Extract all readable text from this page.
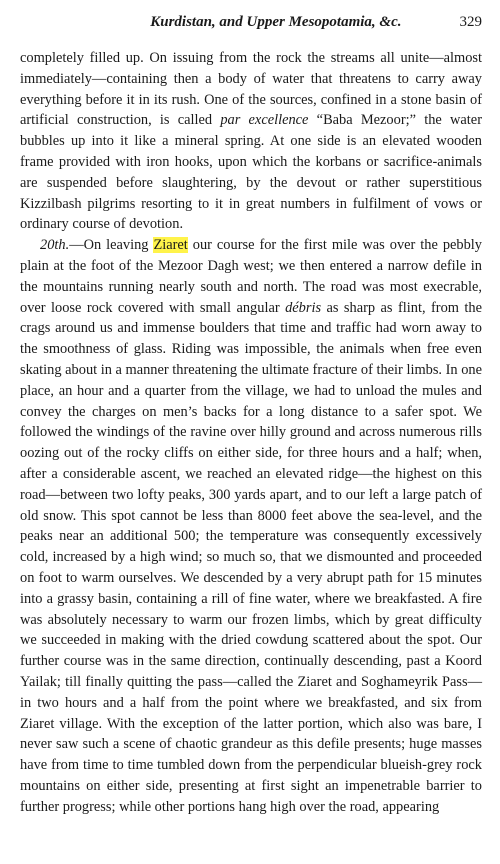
Kurdistan, and Upper Mesopotamia, &c.	329

completely filled up. On issuing from the rock the streams all unite—almost immediately—containing then a body of water that threatens to carry away everything before it in its rush. One of the sources, confined in a stone basin of artificial construction, is called par excellence “Baba Mezoor;” the water bubbles up into it like a mineral spring. At one side is an elevated wooden frame provided with iron hooks, upon which the korbans or sacrifice-animals are suspended before slaughtering, by the devout or rather superstitious Kizzilbash pilgrims resorting to it in great numbers in fulfilment of vows or ordinary course of devotion.

20th.—On leaving Ziaret our course for the first mile was over the pebbly plain at the foot of the Mezoor Dagh west; we then entered a narrow defile in the mountains running nearly south and north. The road was most execrable, over loose rock covered with small angular débris as sharp as flint, from the crags around us and immense boulders that time and traffic had worn away to the smoothness of glass. Riding was impossible, the animals when free even skating about in a manner threatening the ultimate fracture of their limbs. In one place, an hour and a quarter from the village, we had to unload the mules and convey the charges on men’s backs for a long distance to a safer spot. We followed the windings of the ravine over hilly ground and across numerous rills oozing out of the rocky cliffs on either side, for three hours and a half; when, after a considerable ascent, we reached an elevated ridge—the highest on this road—between two lofty peaks, 300 yards apart, and to our left a large patch of old snow. This spot cannot be less than 8000 feet above the sea-level, and the peaks near an additional 500; the temperature was consequently excessively cold, increased by a high wind; so much so, that we dismounted and proceeded on foot to warm ourselves. We descended by a very abrupt path for 15 minutes into a grassy basin, containing a rill of fine water, where we breakfasted. A fire was absolutely necessary to warm our frozen limbs, which by great difficulty we succeeded in making with the dried cowdung scattered about the spot. Our further course was in the same direction, continually descending, past a Koord Yailak; till finally quitting the pass—called the Ziaret and Soghameyrik Pass—in two hours and a half from the point where we breakfasted, and six from Ziaret village. With the exception of the latter portion, which also was bare, I never saw such a scene of chaotic grandeur as this defile presents; huge masses have from time to time tumbled down from the perpendicular blueish-grey rock mountains on either side, presenting at first sight an impenetrable barrier to further progress; while other portions hang high over the road, appearing
